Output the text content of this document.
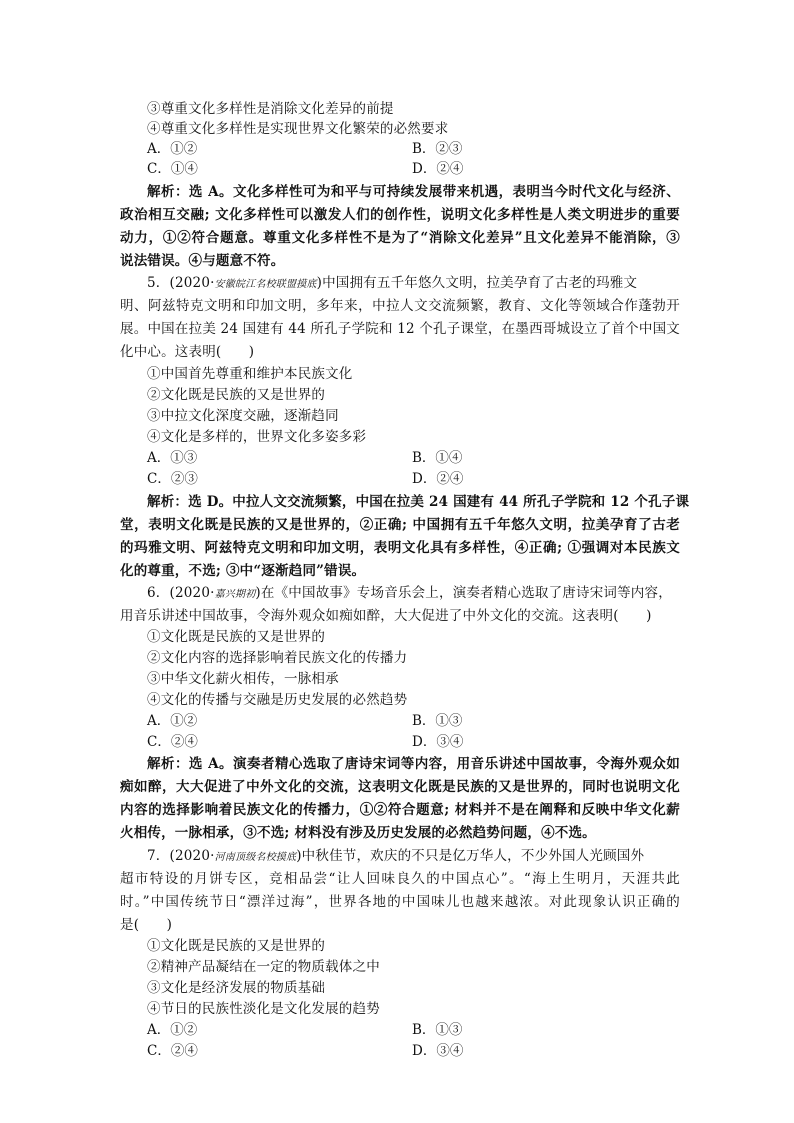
③尊重文化多样性是消除文化差异的前提
④尊重文化多样性是实现世界文化繁荣的必然要求
A．①②	B．②③
C．①④	D．②④
解析：选 A。文化多样性可为和平与可持续发展带来机遇，表明当今时代文化与经济、
政治相互交融; 文化多样性可以激发人们的创作性，说明文化多样性是人类文明进步的重要
动力，①②符合题意。尊重文化多样性不是为了“消除文化差异”且文化差异不能消除，③
说法错误。④与题意不符。
5．(2020·安徽皖江名校联盟摸底)中国拥有五千年悠久文明，拉美孕育了古老的玛雅文
明、阿兹特克文明和印加文明，多年来，中拉人文交流频繁，教育、文化等领域合作蓬勃开
展。中国在拉美 24 国建有 44 所孔子学院和 12 个孔子课堂，在墨西哥城设立了首个中国文
化中心。这表明(　　)
①中国首先尊重和维护本民族文化
②文化既是民族的又是世界的
③中拉文化深度交融，逐渐趋同
④文化是多样的，世界文化多姿多彩
A．①③	B．①④
C．②③	D．②④
解析：选 D。中拉人文交流频繁，中国在拉美 24 国建有 44 所孔子学院和 12 个孔子课
堂，表明文化既是民族的又是世界的，②正确; 中国拥有五千年悠久文明，拉美孕育了古老
的玛雅文明、阿兹特克文明和印加文明，表明文化具有多样性，④正确; ①强调对本民族文
化的尊重，不选; ③中“逐渐趋同”错误。
6．(2020·嘉兴期初)在《中国故事》专场音乐会上，演奏者精心选取了唐诗宋词等内容，
用音乐讲述中国故事，令海外观众如痴如醉，大大促进了中外文化的交流。这表明(　　)
①文化既是民族的又是世界的
②文化内容的选择影响着民族文化的传播力
③中华文化薪火相传，一脉相承
④文化的传播与交融是历史发展的必然趋势
A．①②	B．①③
C．②④	D．③④
解析：选 A。演奏者精心选取了唐诗宋词等内容，用音乐讲述中国故事，令海外观众如
痴如醉，大大促进了中外文化的交流，这表明文化既是民族的又是世界的，同时也说明文化
内容的选择影响着民族文化的传播力，①②符合题意; 材料并不是在阐释和反映中华文化薪
火相传，一脉相承，③不选; 材料没有涉及历史发展的必然趋势问题，④不选。
7．(2020·河南顶级名校摸底)中秋佳节，欢庆的不只是亿万华人，不少外国人光顾国外
超市特设的月饼专区，竞相品尝“让人回味良久的中国点心”。“海上生明月，天涯共此
时。”中国传统节日“漂洋过海”，世界各地的中国味儿也越来越浓。对此现象认识正确的
是(　　)
①文化既是民族的又是世界的
②精神产品凝结在一定的物质载体之中
③文化是经济发展的物质基础
④节日的民族性淡化是文化发展的趋势
A．①②	B．①③
C．②④	D．③④
